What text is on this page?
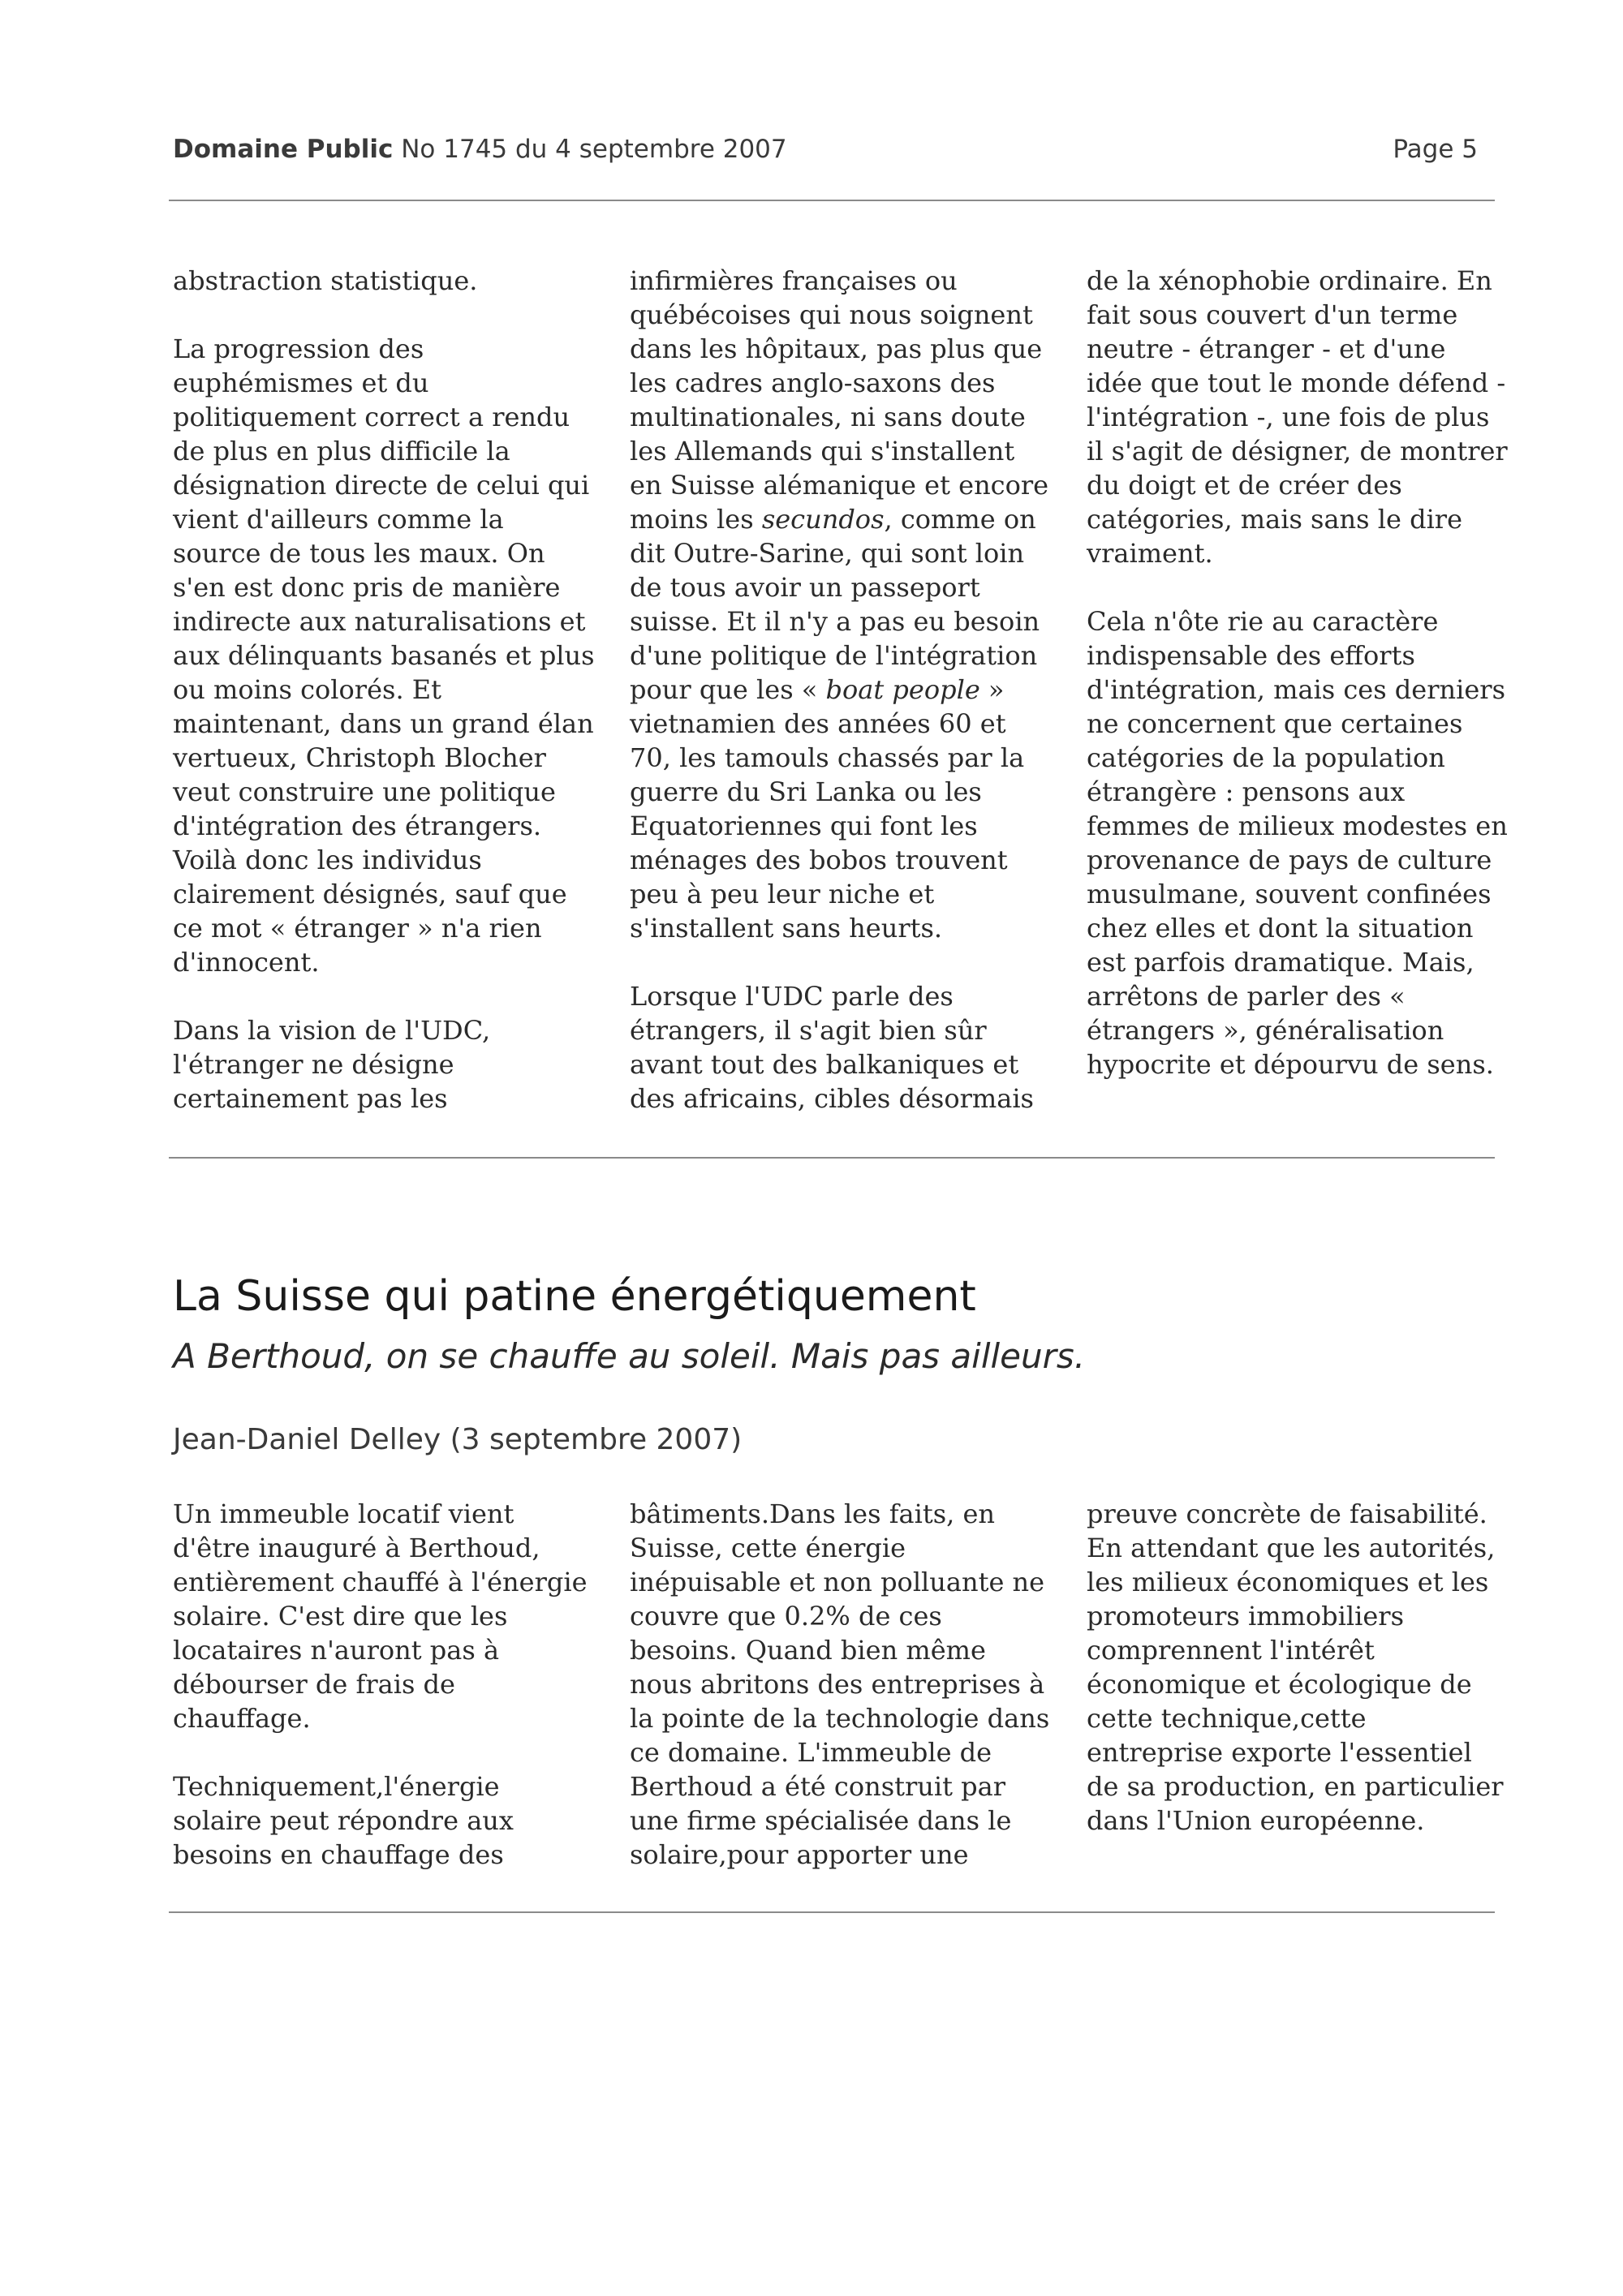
Domaine Public No 1745 du 4 septembre 2007	Page 5

abstraction statistique.

La progression des euphémismes et du politiquement correct a rendu de plus en plus difficile la désignation directe de celui qui vient d'ailleurs comme la source de tous les maux. On s'en est donc pris de manière indirecte aux naturalisations et aux délinquants basanés et plus ou moins colorés. Et maintenant, dans un grand élan vertueux, Christoph Blocher veut construire une politique d'intégration des étrangers. Voilà donc les individus clairement désignés, sauf que ce mot « étranger » n'a rien d'innocent.

Dans la vision de l'UDC, l'étranger ne désigne certainement pas les

infirmières françaises ou québécoises qui nous soignent dans les hôpitaux, pas plus que les cadres anglo-saxons des multinationales, ni sans doute les Allemands qui s'installent en Suisse alémanique et encore moins les secundos, comme on dit Outre-Sarine, qui sont loin de tous avoir un passeport suisse. Et il n'y a pas eu besoin d'une politique de l'intégration pour que les « boat people » vietnamien des années 60 et 70, les tamouls chassés par la guerre du Sri Lanka ou les Equatoriennes qui font les ménages des bobos trouvent peu à peu leur niche et s'installent sans heurts.

Lorsque l'UDC parle des étrangers, il s'agit bien sûr avant tout des balkaniques et des africains, cibles désormais

de la xénophobie ordinaire. En fait sous couvert d'un terme neutre - étranger - et d'une idée que tout le monde défend - l'intégration -, une fois de plus il s'agit de désigner, de montrer du doigt et de créer des catégories, mais sans le dire vraiment.

Cela n'ôte rie au caractère indispensable des efforts d'intégration, mais ces derniers ne concernent que certaines catégories de la population étrangère : pensons aux femmes de milieux modestes en provenance de pays de culture musulmane, souvent confinées chez elles et dont la situation est parfois dramatique. Mais, arrêtons de parler des « étrangers », généralisation hypocrite et dépourvu de sens.

La Suisse qui patine énergétiquement
A Berthoud, on se chauffe au soleil. Mais pas ailleurs.
Jean-Daniel Delley (3 septembre 2007)

Un immeuble locatif vient d'être inauguré à Berthoud, entièrement chauffé à l'énergie solaire. C'est dire que les locataires n'auront pas à débourser de frais de chauffage.

Techniquement,l'énergie solaire peut répondre aux besoins en chauffage des

bâtiments.Dans les faits, en Suisse, cette énergie inépuisable et non polluante ne couvre que 0.2% de ces besoins. Quand bien même nous abritons des entreprises à la pointe de la technologie dans ce domaine. L'immeuble de Berthoud a été construit par une firme spécialisée dans le solaire,pour apporter une

preuve concrète de faisabilité. En attendant que les autorités, les milieux économiques et les promoteurs immobiliers comprennent l'intérêt économique et écologique de cette technique,cette entreprise exporte l'essentiel de sa production, en particulier dans l'Union européenne.
